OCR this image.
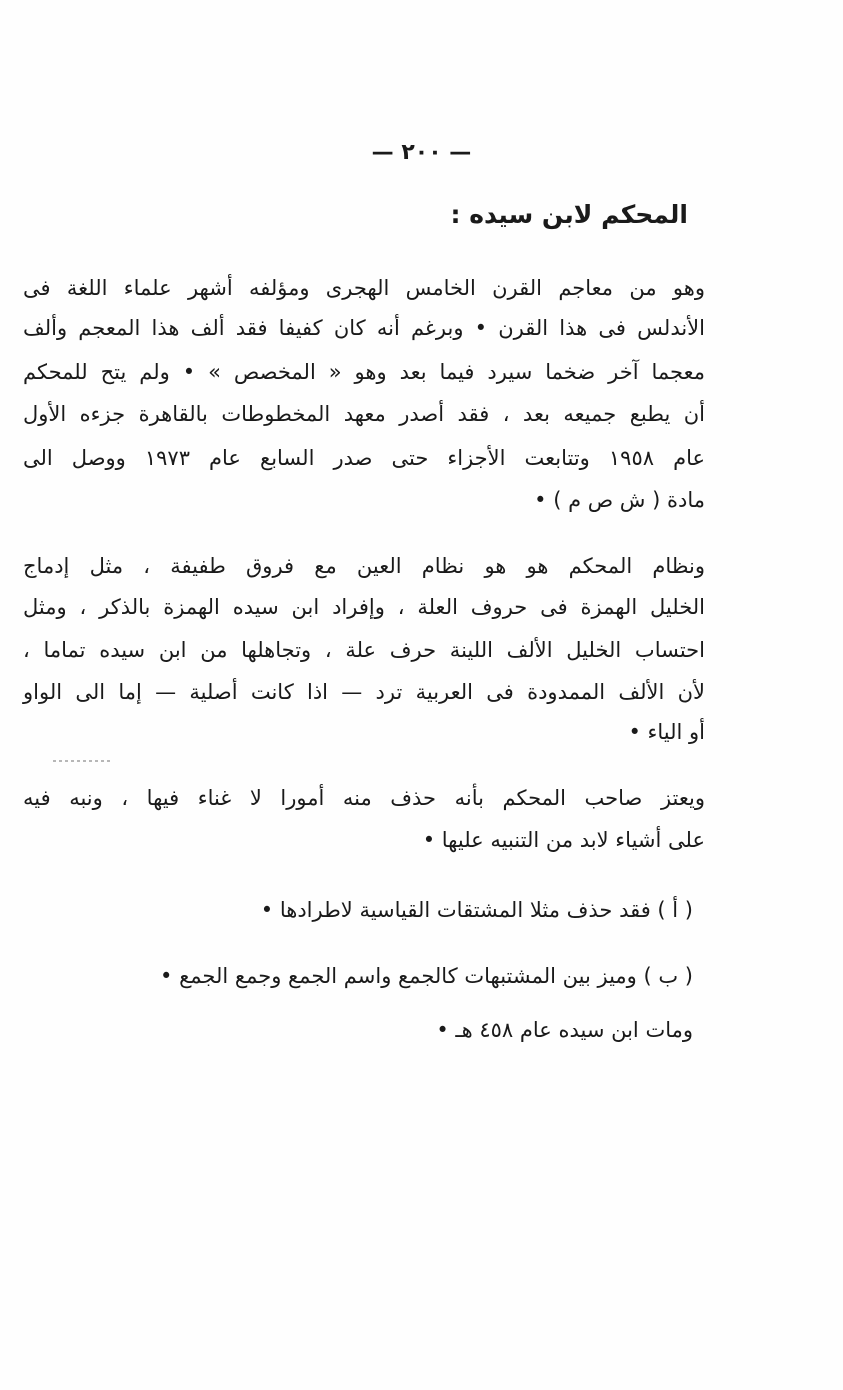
— ٢٠٠ —
المحكم لابن سيده :
وهو من معاجم القرن الخامس الهجرى ومؤلفه أشهر علماء اللغة فى
الأندلس فى هذا القرن • وبرغم أنه كان كفيفا فقد ألف هذا المعجم وألف
معجما آخر ضخما سيرد فيما بعد وهو « المخصص » • ولم يتح للمحكم
أن يطبع جميعه بعد ، فقد أصدر معهد المخطوطات بالقاهرة جزءه الأول
عام ١٩٥٨ وتتابعت الأجزاء حتى صدر السابع عام ١٩٧٣ ووصل الى
مادة ( ش ص م ) •
ونظام المحكم هو هو نظام العين مع فروق طفيفة ، مثل إدماج
الخليل الهمزة فى حروف العلة ، وإفراد ابن سيده الهمزة بالذكر ، ومثل
احتساب الخليل الألف اللينة حرف علة ، وتجاهلها من ابن سيده تماما ،
لأن الألف الممدودة فى العربية ترد — اذا كانت أصلية — إما الى الواو
أو الياء •
ويعتز صاحب المحكم بأنه حذف منه أمورا لا غناء فيها ، ونبه فيه
على أشياء لابد من التنبيه عليها •
( أ ) فقد حذف مثلا المشتقات القياسية لاطرادها •
( ب ) وميز بين المشتبهات كالجمع واسم الجمع وجمع الجمع •
ومات ابن سيده عام ٤٥٨ هـ •
